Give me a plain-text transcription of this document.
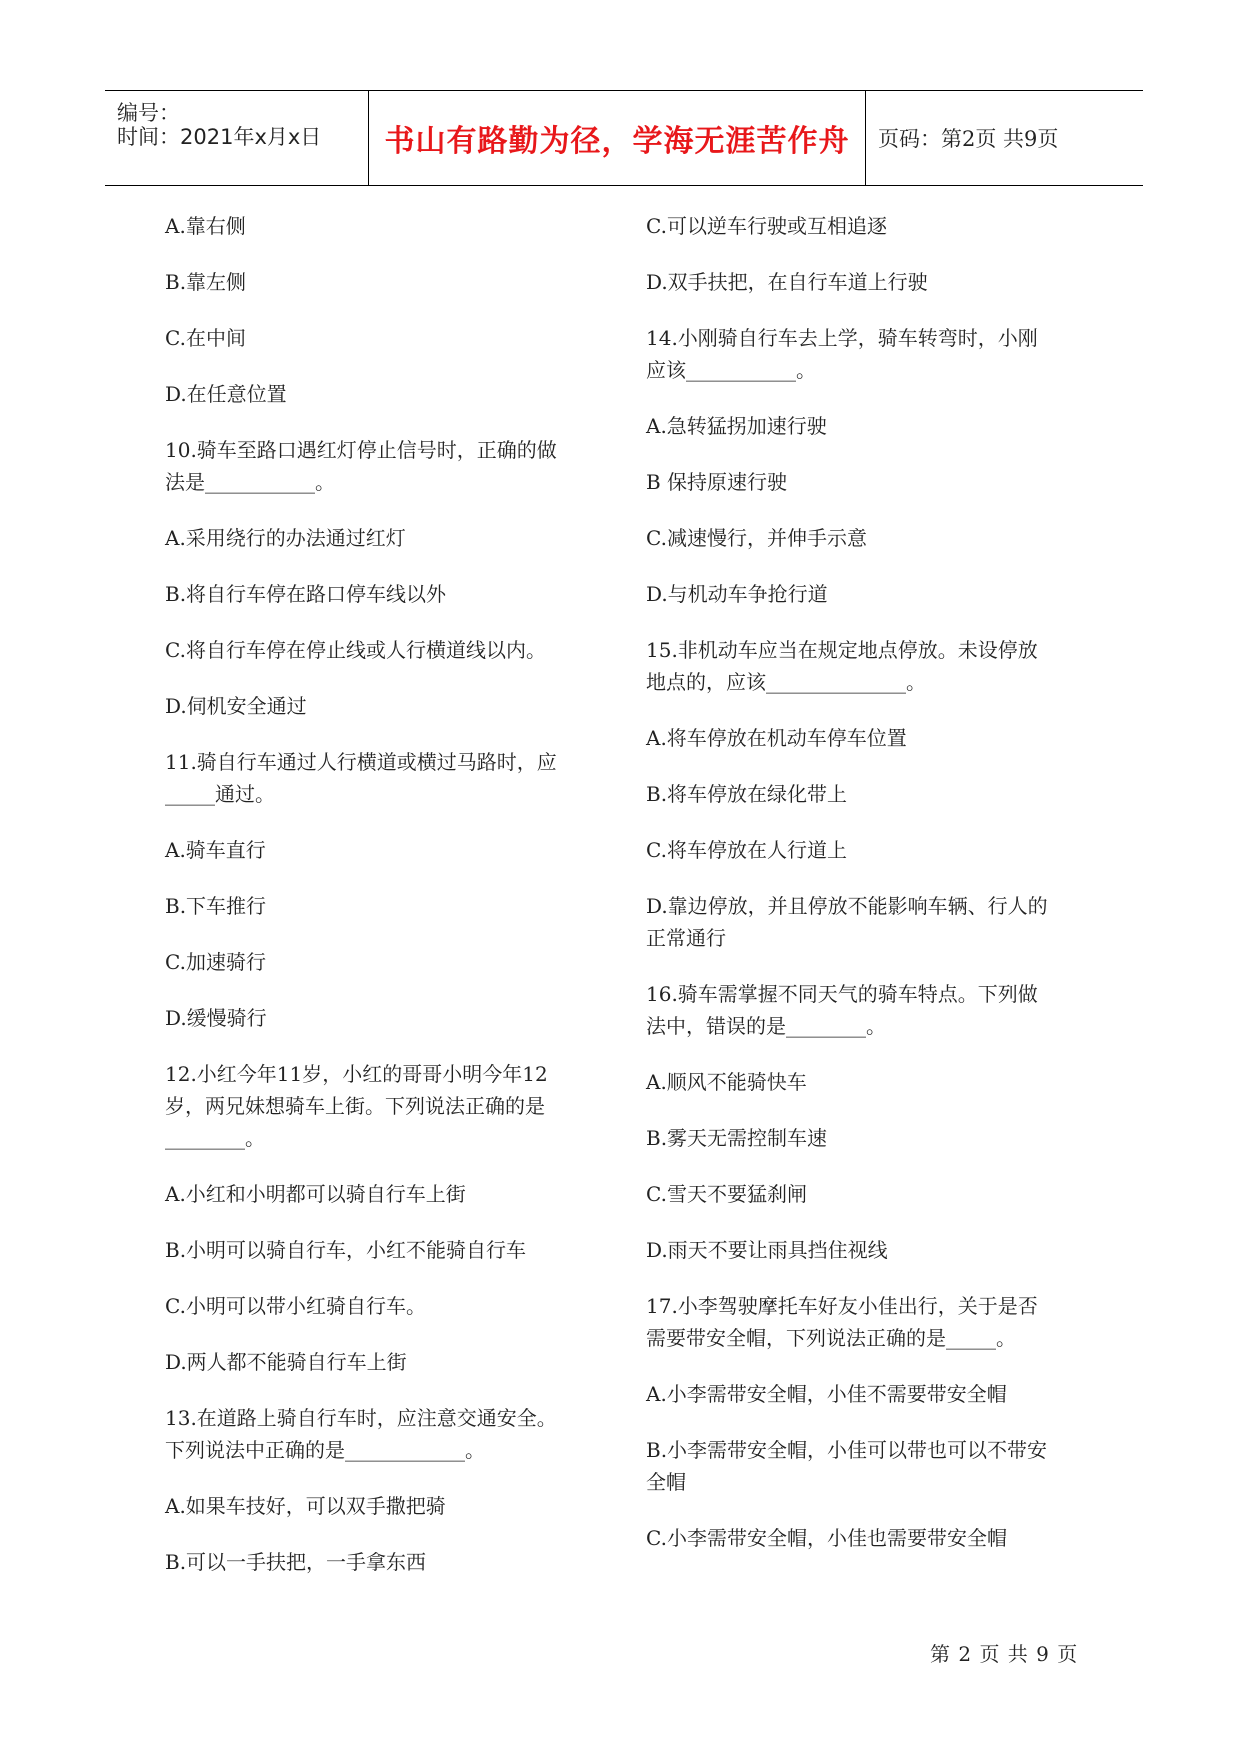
编号：
时间：2021年x月x日 书山有路勤为径，学海无涯苦作舟 页码：第2页 共9页

A.靠右侧

B.靠左侧

C.在中间

D.在任意位置

10.骑车至路口遇红灯停止信号时，正确的做

法是___________。

A.采用绕行的办法通过红灯

B.将自行车停在路口停车线以外

C.将自行车停在停止线或人行横道线以内。

D.伺机安全通过

11.骑自行车通过人行横道或横过马路时，应

_____通过。

A.骑车直行

B.下车推行

C.加速骑行

D.缓慢骑行

12.小红今年11岁，小红的哥哥小明今年12

岁，两兄妹想骑车上街。下列说法正确的是

________。

A.小红和小明都可以骑自行车上街

B.小明可以骑自行车，小红不能骑自行车

C.小明可以带小红骑自行车。

D.两人都不能骑自行车上街

13.在道路上骑自行车时，应注意交通安全。

下列说法中正确的是____________。

A.如果车技好，可以双手撒把骑

B.可以一手扶把，一手拿东西

C.可以逆车行驶或互相追逐

D.双手扶把，在自行车道上行驶

14.小刚骑自行车去上学，骑车转弯时，小刚

应该___________。

A.急转猛拐加速行驶

B 保持原速行驶

C.减速慢行，并伸手示意

D.与机动车争抢行道

15.非机动车应当在规定地点停放。未设停放

地点的，应该______________。

A.将车停放在机动车停车位置

B.将车停放在绿化带上

C.将车停放在人行道上

D.靠边停放，并且停放不能影响车辆、行人的

正常通行

16.骑车需掌握不同天气的骑车特点。下列做

法中，错误的是________。

A.顺风不能骑快车

B.雾天无需控制车速

C.雪天不要猛刹闸

D.雨天不要让雨具挡住视线

17.小李驾驶摩托车好友小佳出行，关于是否

需要带安全帽，下列说法正确的是_____。

A.小李需带安全帽，小佳不需要带安全帽

B.小李需带安全帽，小佳可以带也可以不带安

全帽

C.小李需带安全帽，小佳也需要带安全帽

第 2 页 共 9 页
